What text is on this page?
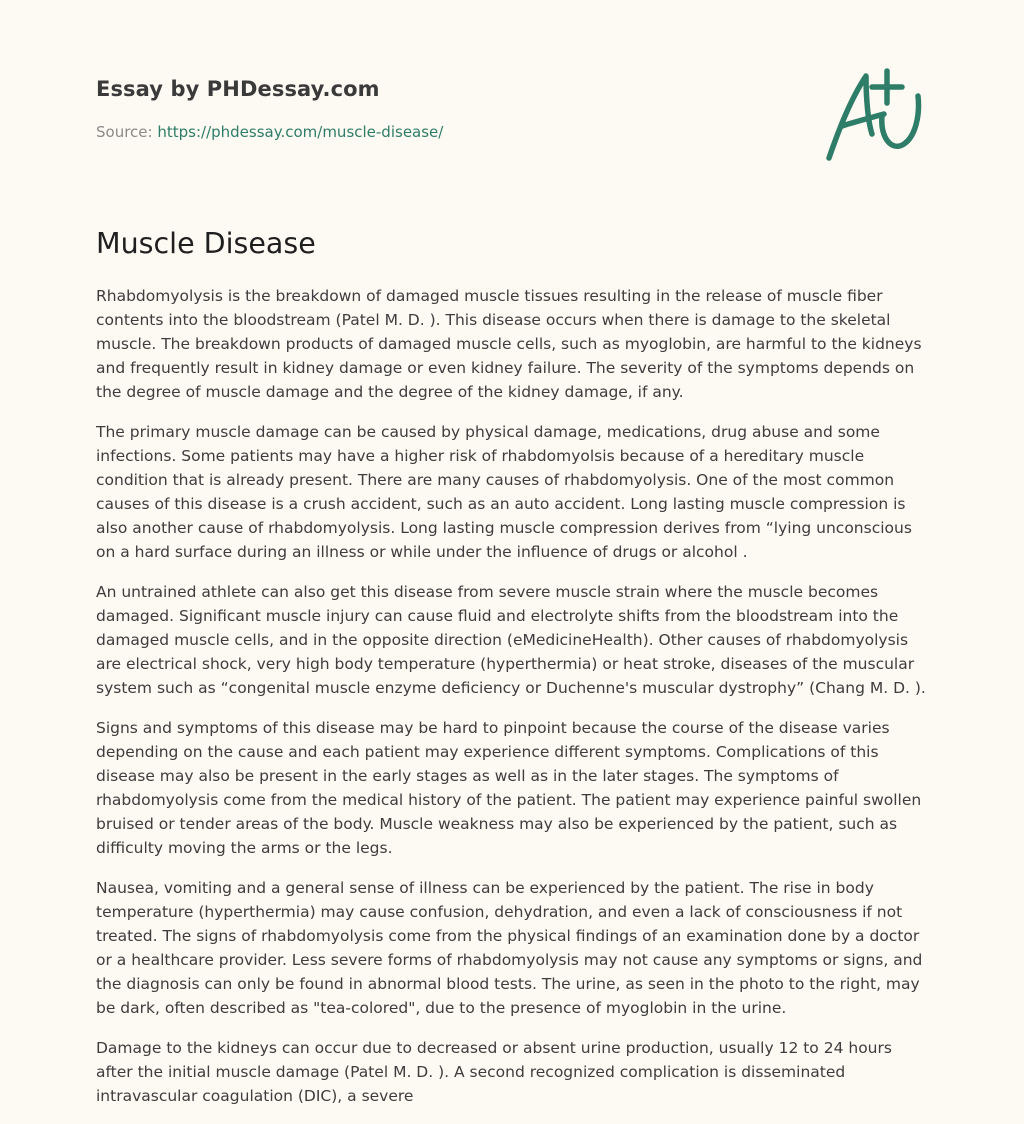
Essay by PHDessay.com
Source: https://phdessay.com/muscle-disease/
Muscle Disease

Rhabdomyolysis is the breakdown of damaged muscle tissues resulting in the release of muscle fiber contents into the bloodstream (Patel M. D. ). This disease occurs when there is damage to the skeletal muscle. The breakdown products of damaged muscle cells, such as myoglobin, are harmful to the kidneys and frequently result in kidney damage or even kidney failure. The severity of the symptoms depends on the degree of muscle damage and the degree of the kidney damage, if any.

The primary muscle damage can be caused by physical damage, medications, drug abuse and some infections. Some patients may have a higher risk of rhabdomyolsis because of a hereditary muscle condition that is already present. There are many causes of rhabdomyolysis. One of the most common causes of this disease is a crush accident, such as an auto accident. Long lasting muscle compression is also another cause of rhabdomyolysis. Long lasting muscle compression derives from “lying unconscious on a hard surface during an illness or while under the influence of drugs or alcohol .

An untrained athlete can also get this disease from severe muscle strain where the muscle becomes damaged. Significant muscle injury can cause fluid and electrolyte shifts from the bloodstream into the damaged muscle cells, and in the opposite direction (eMedicineHealth). Other causes of rhabdomyolysis are electrical shock, very high body temperature (hyperthermia) or heat stroke, diseases of the muscular system such as “congenital muscle enzyme deficiency or Duchenne's muscular dystrophy” (Chang M. D. ).

Signs and symptoms of this disease may be hard to pinpoint because the course of the disease varies depending on the cause and each patient may experience different symptoms. Complications of this disease may also be present in the early stages as well as in the later stages. The symptoms of rhabdomyolysis come from the medical history of the patient. The patient may experience painful swollen bruised or tender areas of the body. Muscle weakness may also be experienced by the patient, such as difficulty moving the arms or the legs.

Nausea, vomiting and a general sense of illness can be experienced by the patient. The rise in body temperature (hyperthermia) may cause confusion, dehydration, and even a lack of consciousness if not treated. The signs of rhabdomyolysis come from the physical findings of an examination done by a doctor or a healthcare provider. Less severe forms of rhabdomyolysis may not cause any symptoms or signs, and the diagnosis can only be found in abnormal blood tests. The urine, as seen in the photo to the right, may be dark, often described as "tea-colored", due to the presence of myoglobin in the urine.

Damage to the kidneys can occur due to decreased or absent urine production, usually 12 to 24 hours after the initial muscle damage (Patel M. D. ). A second recognized complication is disseminated intravascular coagulation (DIC), a severe
